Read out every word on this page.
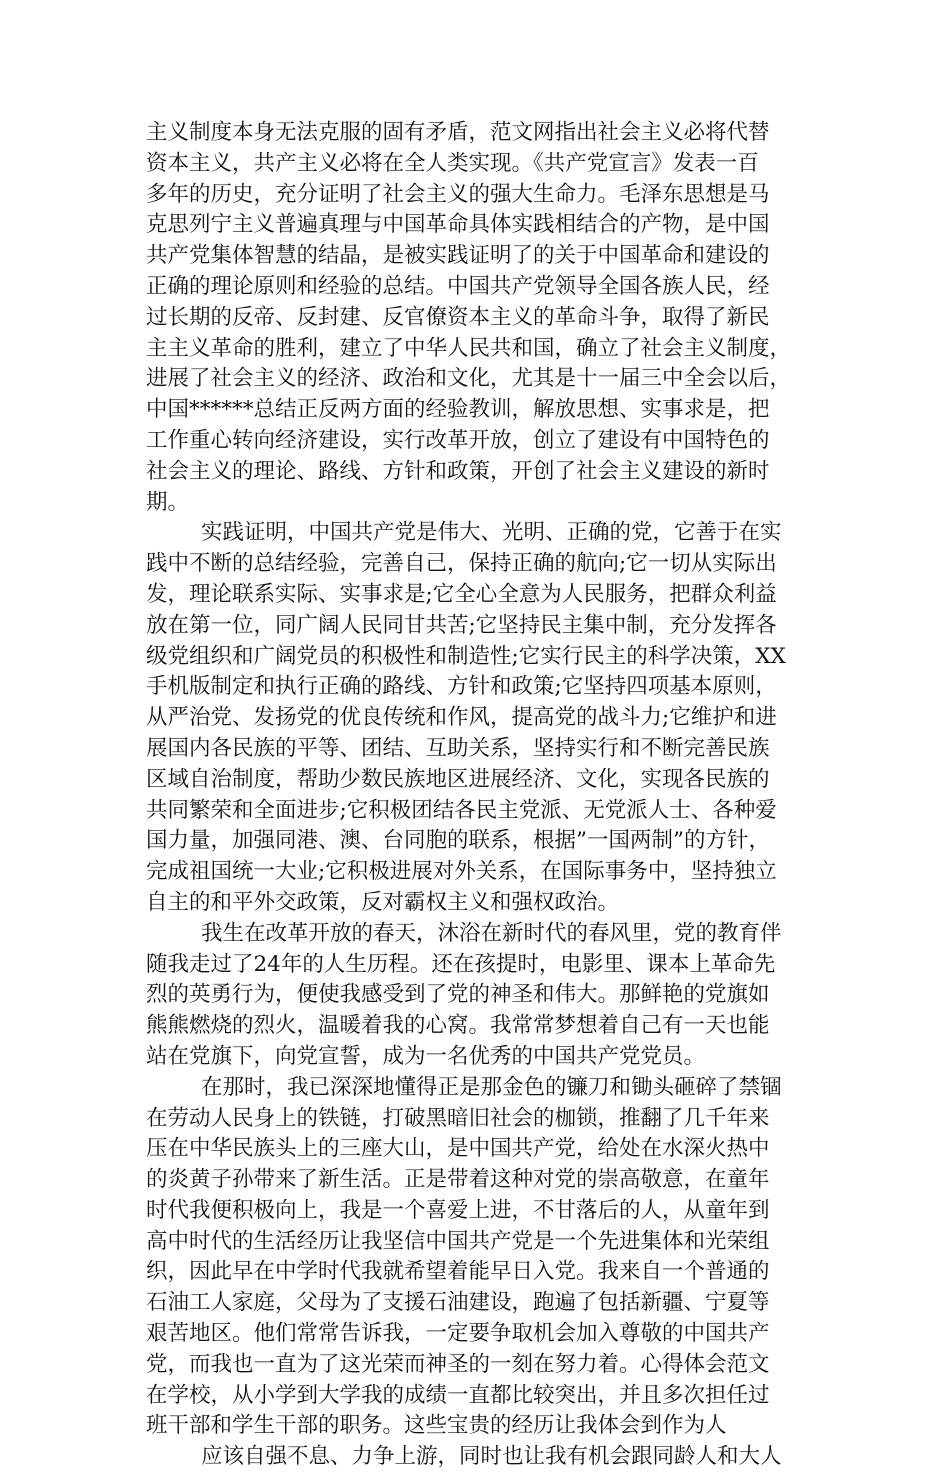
主义制度本身无法克服的固有矛盾，范文网指出社会主义必将代替
资本主义，共产主义必将在全人类实现。《共产党宣言》发表一百
多年的历史，充分证明了社会主义的强大生命力。毛泽东思想是马
克思列宁主义普遍真理与中国革命具体实践相结合的产物，是中国
共产党集体智慧的结晶，是被实践证明了的关于中国革命和建设的
正确的理论原则和经验的总结。中国共产党领导全国各族人民，经
过长期的反帝、反封建、反官僚资本主义的革命斗争，取得了新民
主主义革命的胜利，建立了中华人民共和国，确立了社会主义制度，
进展了社会主义的经济、政治和文化，尤其是十一届三中全会以后，
中国******总结正反两方面的经验教训，解放思想、实事求是，把
工作重心转向经济建设，实行改革开放，创立了建设有中国特色的
社会主义的理论、路线、方针和政策，开创了社会主义建设的新时
期。
实践证明，中国共产党是伟大、光明、正确的党，它善于在实
践中不断的总结经验，完善自己，保持正确的航向;它一切从实际出
发，理论联系实际、实事求是;它全心全意为人民服务，把群众利益
放在第一位，同广阔人民同甘共苦;它坚持民主集中制，充分发挥各
级党组织和广阔党员的积极性和制造性;它实行民主的科学决策，XX
手机版制定和执行正确的路线、方针和政策;它坚持四项基本原则，
从严治党、发扬党的优良传统和作风，提高党的战斗力;它维护和进
展国内各民族的平等、团结、互助关系，坚持实行和不断完善民族
区域自治制度，帮助少数民族地区进展经济、文化，实现各民族的
共同繁荣和全面进步;它积极团结各民主党派、无党派人士、各种爱
国力量，加强同港、澳、台同胞的联系，根据”一国两制”的方针，
完成祖国统一大业;它积极进展对外关系，在国际事务中，坚持独立
自主的和平外交政策，反对霸权主义和强权政治。
我生在改革开放的春天，沐浴在新时代的春风里，党的教育伴
随我走过了24年的人生历程。还在孩提时，电影里、课本上革命先
烈的英勇行为，便使我感受到了党的神圣和伟大。那鲜艳的党旗如
熊熊燃烧的烈火，温暖着我的心窝。我常常梦想着自己有一天也能
站在党旗下，向党宣誓，成为一名优秀的中国共产党党员。
在那时，我已深深地懂得正是那金色的镰刀和锄头砸碎了禁锢
在劳动人民身上的铁链，打破黑暗旧社会的枷锁，推翻了几千年来
压在中华民族头上的三座大山，是中国共产党，给处在水深火热中
的炎黄子孙带来了新生活。正是带着这种对党的崇高敬意，在童年
时代我便积极向上，我是一个喜爱上进，不甘落后的人，从童年到
高中时代的生活经历让我坚信中国共产党是一个先进集体和光荣组
织，因此早在中学时代我就希望着能早日入党。我来自一个普通的
石油工人家庭，父母为了支援石油建设，跑遍了包括新疆、宁夏等
艰苦地区。他们常常告诉我，一定要争取机会加入尊敬的中国共产
党，而我也一直为了这光荣而神圣的一刻在努力着。心得体会范文
在学校，从小学到大学我的成绩一直都比较突出，并且多次担任过
班干部和学生干部的职务。这些宝贵的经历让我体会到作为人
应该自强不息、力争上游，同时也让我有机会跟同龄人和大人
